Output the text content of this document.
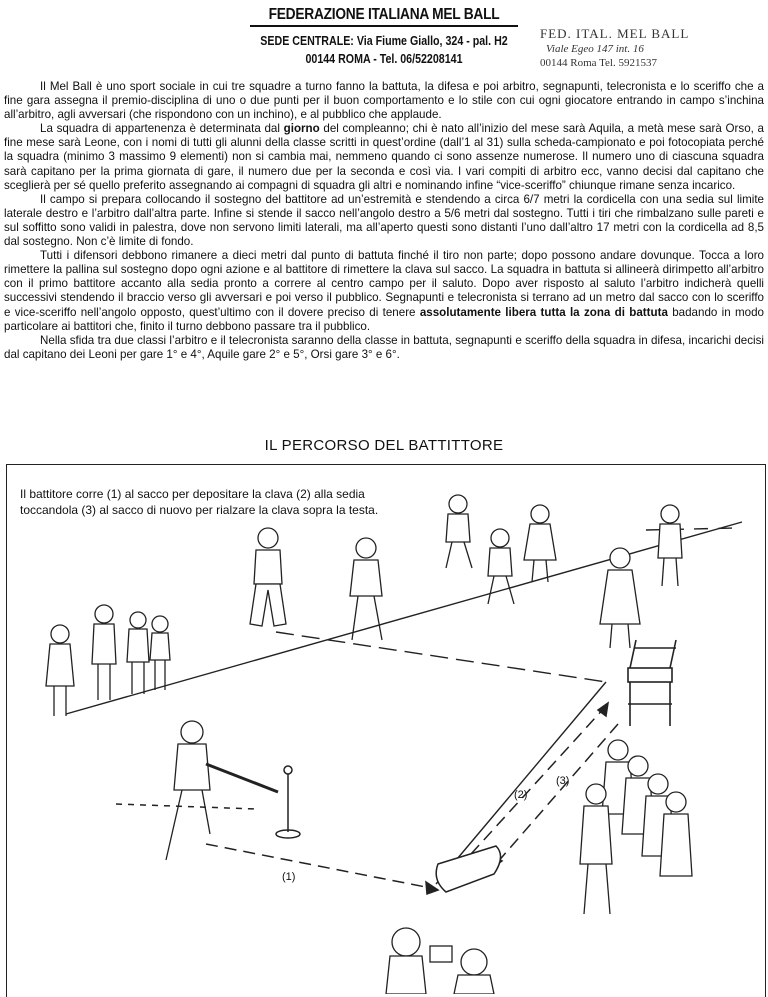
FEDERAZIONE ITALIANA MEL BALL
SEDE CENTRALE: Via Fiume Giallo, 324 - pal. H2
00144 ROMA - Tel. 06/52208141
FED. ITAL. MEL BALL
Viale Egeo 147 int. 16
00144 Roma Tel. 5921537

Il Mel Ball è uno sport sociale in cui tre squadre a turno fanno la battuta, la difesa e poi arbitro, segnapunti, telecronista e lo sceriffo che a fine gara assegna il premio-disciplina di uno o due punti per il buon comportamento e lo stile con cui ogni giocatore entrando in campo s’inchina all’arbitro, agli avversari (che rispondono con un inchino), e al pubblico che applaude.

La squadra di appartenenza è determinata dal giorno del compleanno; chi è nato all’inizio del mese sarà Aquila, a metà mese sarà Orso, a fine mese sarà Leone, con i nomi di tutti gli alunni della classe scritti in quest’ordine (dall’1 al 31) sulla scheda-campionato e poi fotocopiata perché la squadra (minimo 3 massimo 9 elementi) non si cambia mai, nemmeno quando ci sono assenze numerose. Il numero uno di ciascuna squadra sarà capitano per la prima giornata di gare, il numero due per la seconda e così via. I vari compiti di arbitro ecc, vanno decisi dal capitano che sceglierà per sé quello preferito assegnando ai compagni di squadra gli altri e nominando infine “vice-sceriffo” chiunque rimane senza incarico.

Il campo si prepara collocando il sostegno del battitore ad un’estremità e stendendo a circa 6/7 metri la cordicella con una sedia sul limite laterale destro e l’arbitro dall’altra parte. Infine si stende il sacco nell’angolo destro a 5/6 metri dal sostegno. Tutti i tiri che rimbalzano sulle pareti e sul soffitto sono validi in palestra, dove non servono limiti laterali, ma all’aperto questi sono distanti l’uno dall’altro 17 metri con la cordicella ad 8,5 dal sostegno. Non c’è limite di fondo.

Tutti i difensori debbono rimanere a dieci metri dal punto di battuta finché il tiro non parte; dopo possono andare dovunque. Tocca a loro rimettere la pallina sul sostegno dopo ogni azione e al battitore di rimettere la clava sul sacco. La squadra in battuta si allineerà dirimpetto all’arbitro con il primo battitore accanto alla sedia pronto a correre al centro campo per il saluto. Dopo aver risposto al saluto l’arbitro indicherà quelli successivi stendendo il braccio verso gli avversari e poi verso il pubblico. Segnapunti e telecronista si terrano ad un metro dal sacco con lo sceriffo e vice-sceriffo nell’angolo opposto, quest’ultimo con il dovere preciso di tenere assolutamente libera tutta la zona di battuta badando in modo particolare ai battitori che, finito il turno debbono passare tra il pubblico.

Nella sfida tra due classi l’arbitro e il telecronista saranno della classe in battuta, segnapunti e sceriffo della squadra in difesa, incarichi decisi dal capitano dei Leoni per gare 1° e 4°, Aquile gare 2° e 5°, Orsi gare 3° e 6°.

IL PERCORSO DEL BATTITTORE
(1)
(2)
(3)
Il battitore corre (1) al sacco per depositare la clava (2) alla sedia toccandola (3) al sacco di nuovo per rialzare la clava sopra la testa.
